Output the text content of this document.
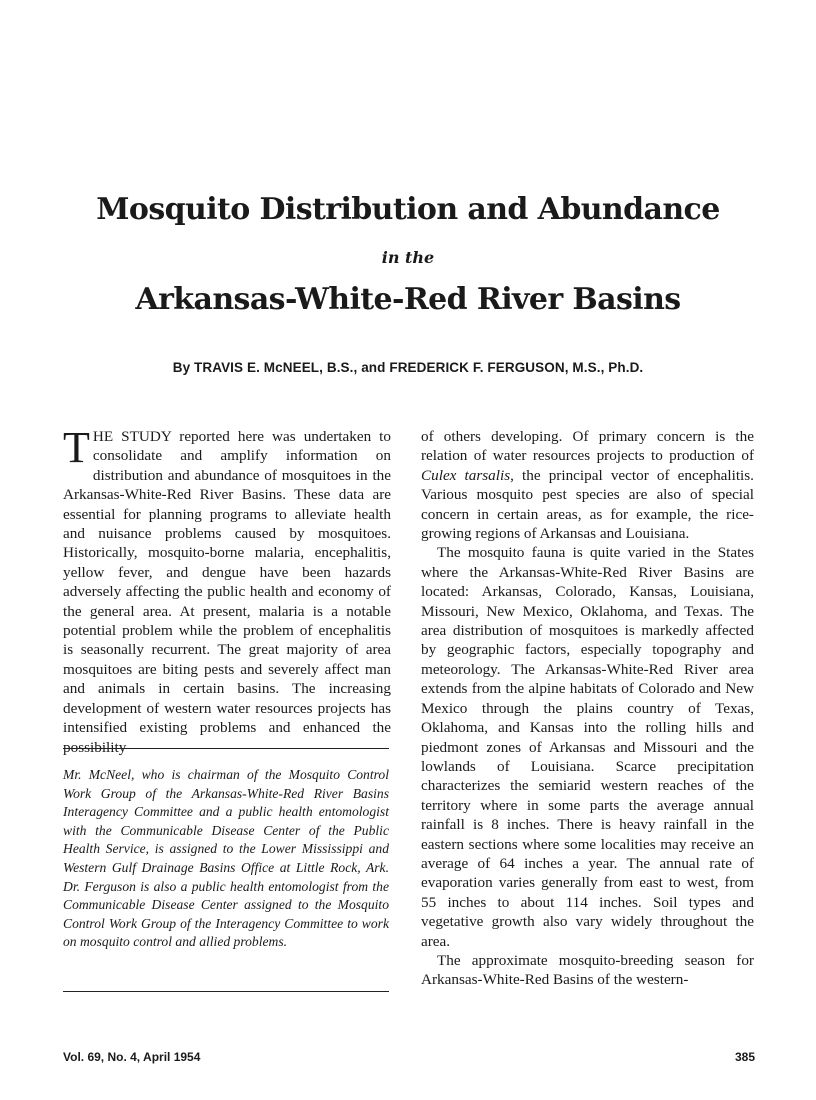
Mosquito Distribution and Abundance
in the
Arkansas-White-Red River Basins
By TRAVIS E. McNEEL, B.S., and FREDERICK F. FERGUSON, M.S., Ph.D.

THE STUDY reported here was undertaken to consolidate and amplify information on distribution and abundance of mosquitoes in the Arkansas-White-Red River Basins. These data are essential for planning programs to alleviate health and nuisance problems caused by mosquitoes. Historically, mosquito-borne malaria, encephalitis, yellow fever, and dengue have been hazards adversely affecting the public health and economy of the general area. At present, malaria is a notable potential problem while the problem of encephalitis is seasonally recurrent. The great majority of area mosquitoes are biting pests and severely affect man and animals in certain basins. The increasing development of western water resources projects has intensified existing problems and enhanced the possibility

Mr. McNeel, who is chairman of the Mosquito Control Work Group of the Arkansas-White-Red River Basins Interagency Committee and a public health entomologist with the Communicable Disease Center of the Public Health Service, is assigned to the Lower Mississippi and Western Gulf Drainage Basins Office at Little Rock, Ark. Dr. Ferguson is also a public health entomologist from the Communicable Disease Center assigned to the Mosquito Control Work Group of the Interagency Committee to work on mosquito control and allied problems.

of others developing. Of primary concern is the relation of water resources projects to production of Culex tarsalis, the principal vector of encephalitis. Various mosquito pest species are also of special concern in certain areas, as for example, the rice-growing regions of Arkansas and Louisiana.

The mosquito fauna is quite varied in the States where the Arkansas-White-Red River Basins are located: Arkansas, Colorado, Kansas, Louisiana, Missouri, New Mexico, Oklahoma, and Texas. The area distribution of mosquitoes is markedly affected by geographic factors, especially topography and meteorology. The Arkansas-White-Red River area extends from the alpine habitats of Colorado and New Mexico through the plains country of Texas, Oklahoma, and Kansas into the rolling hills and piedmont zones of Arkansas and Missouri and the lowlands of Louisiana. Scarce precipitation characterizes the semiarid western reaches of the territory where in some parts the average annual rainfall is 8 inches. There is heavy rainfall in the eastern sections where some localities may receive an average of 64 inches a year. The annual rate of evaporation varies generally from east to west, from 55 inches to about 114 inches. Soil types and vegetative growth also vary widely throughout the area.

The approximate mosquito-breeding season for Arkansas-White-Red Basins of the western-

Vol. 69, No. 4, April 1954	385
